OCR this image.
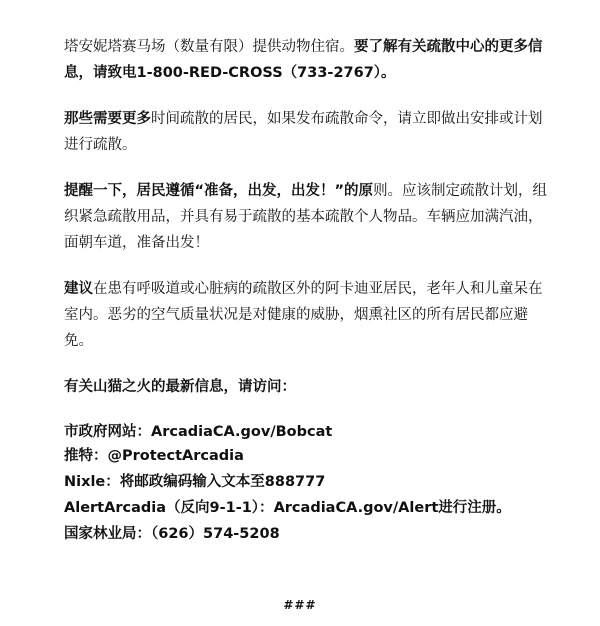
塔安妮塔赛马场（数量有限）提供动物住宿。要了解有关疏散中心的更多信息，请致电1-800-RED-CROSS（733-2767）。

那些需要更多时间疏散的居民，如果发布疏散命令，请立即做出安排或计划进行疏散。

提醒一下，居民遵循“准备，出发，出发！”的原则。应该制定疏散计划，组织紧急疏散用品，并具有易于疏散的基本疏散个人物品。车辆应加满汽油，面朝车道，准备出发！

建议在患有呼吸道或心脏病的疏散区外的阿卡迪亚居民，老年人和儿童呆在室内。恶劣的空气质量状况是对健康的威胁，烟熏社区的所有居民都应避免。

有关山猫之火的最新信息，请访问：

市政府网站：ArcadiaCA.gov/Bobcat

推特：@ProtectArcadia

Nixle：将邮政编码输入文本至888777

AlertArcadia（反向9-1-1）：ArcadiaCA.gov/Alert进行注册。

国家林业局：（626）574-5208

###
